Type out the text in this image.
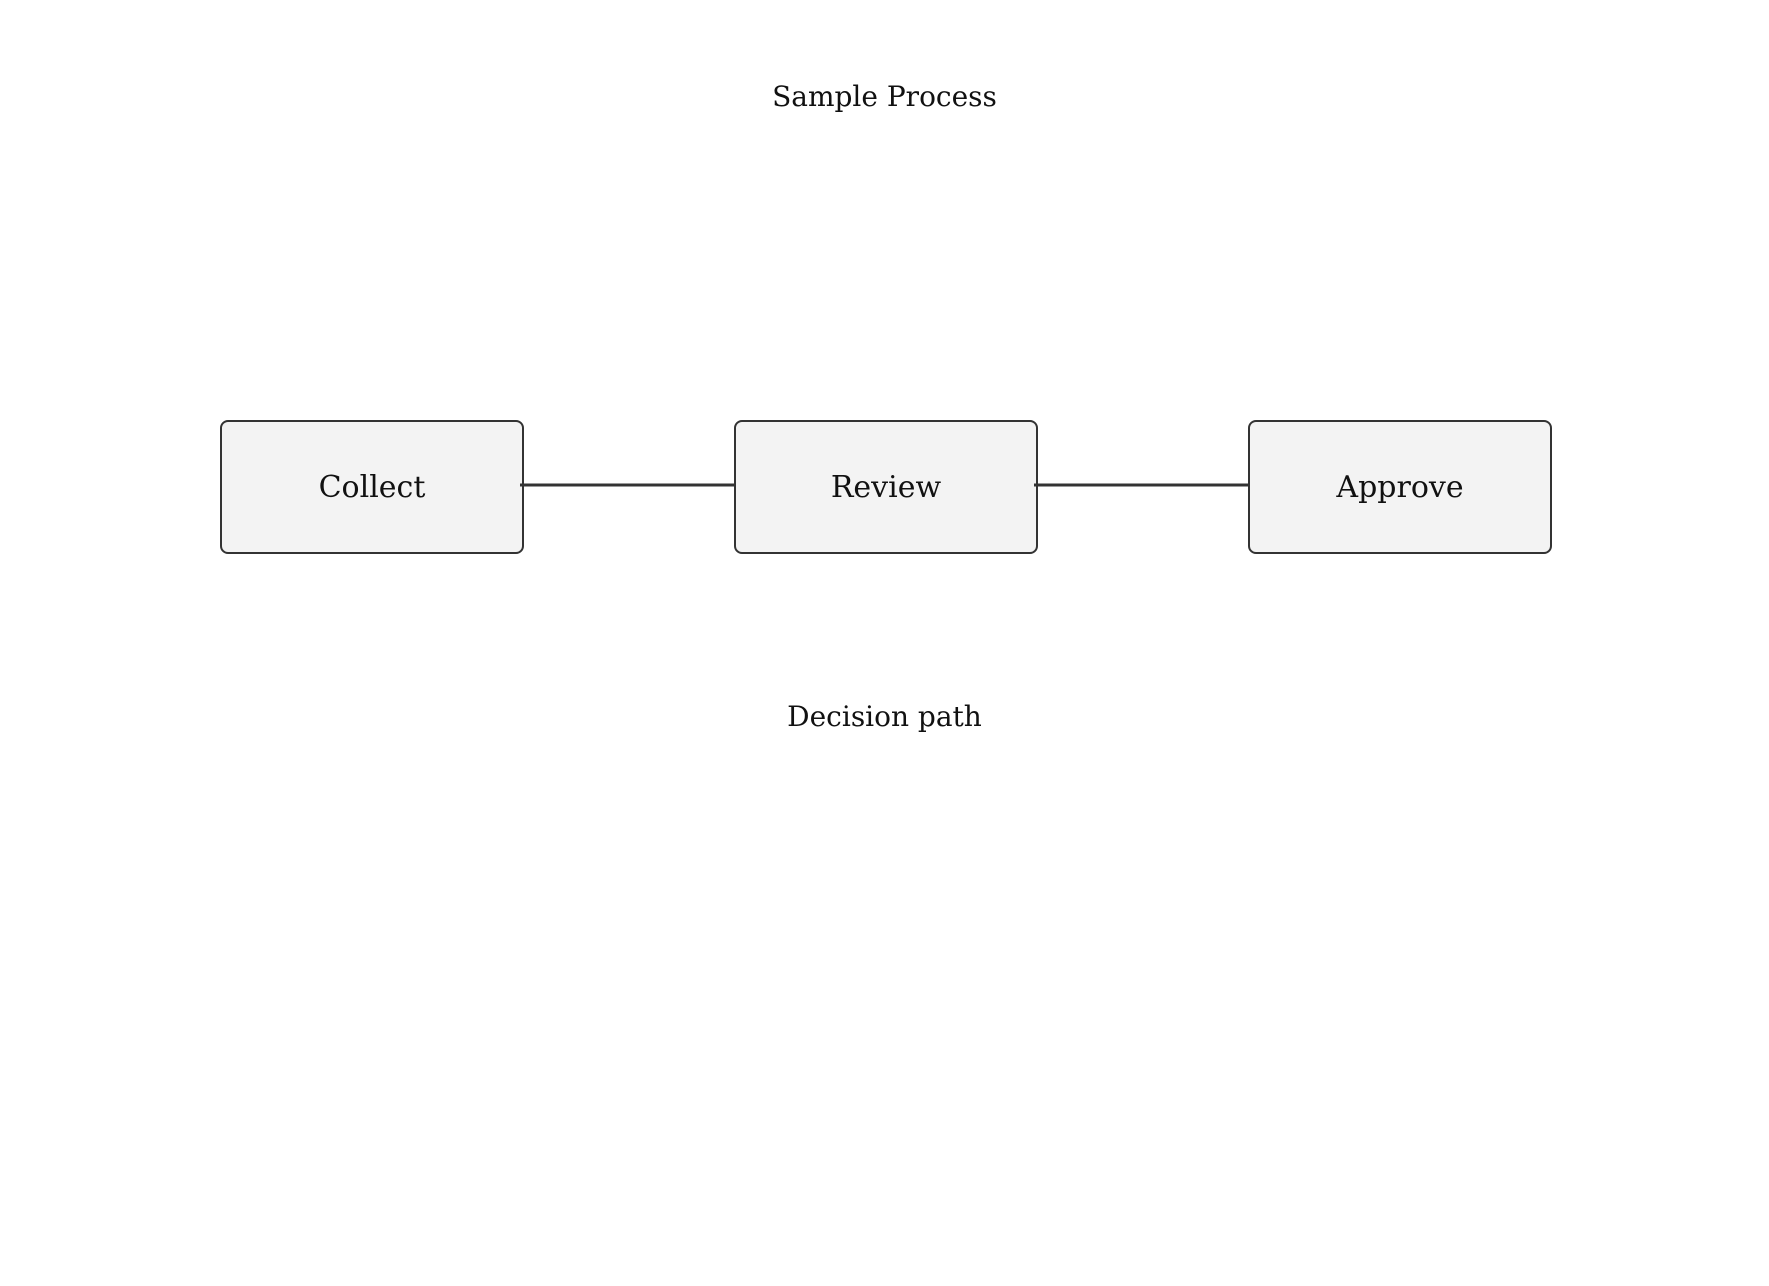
Sample Process
Collect	Review	Approve
Decision path
